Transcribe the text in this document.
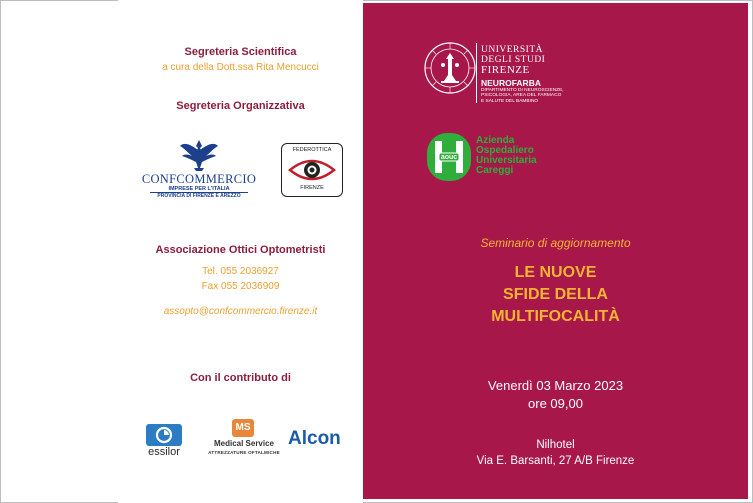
Segreteria Scientifica
a cura della Dott.ssa Rita Mencucci
Segreteria Organizzativa
CONFCOMMERCIO
IMPRESE PER L'ITALIA
PROVINCIA DI FIRENZE E AREZZO
FEDEROTTICA
FIRENZE
Associazione Ottici Optometristi
Tel. 055 2036927
Fax 055 2036909
assopto@confcommercio.firenze.it
Con il contributo di
essilor
MS
Medical Service
ATTREZZATURE OFTALMICHE
Alcon
UNIVERSITÀ
DEGLI STUDI
FIRENZE
NEUROFARBA
DIPARTIMENTO DI NEUROSCIENZE,
PSICOLOGIA, AREA DEL FARMACO
E SALUTE DEL BAMBINO
aouc
Azienda
Ospedaliero
Universitaria
Careggi
Seminario di aggiornamento
LE NUOVE
SFIDE DELLA
MULTIFOCALITÀ
Venerdì 03 Marzo 2023
ore 09,00
Nilhotel
Via E. Barsanti, 27 A/B Firenze
